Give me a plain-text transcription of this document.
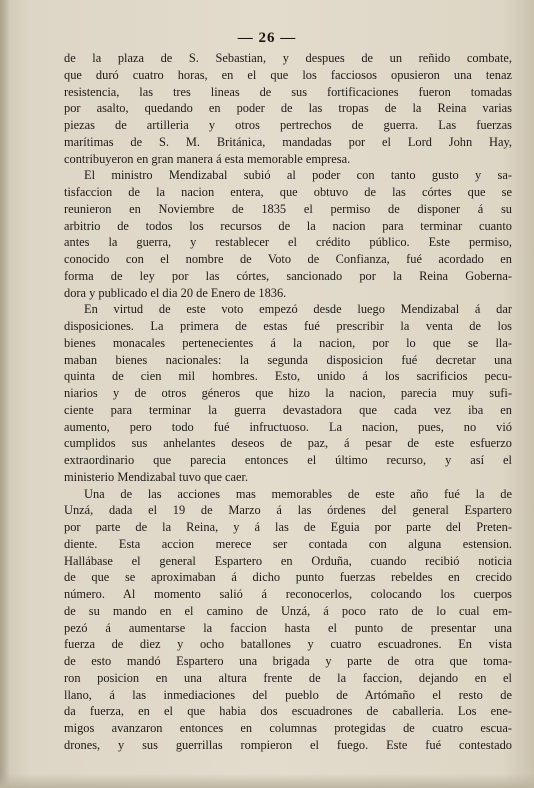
— 26 —
de la plaza de S. Sebastian, y despues de un reñido combate,
que duró cuatro horas, en el que los facciosos opusieron una tenaz
resistencia, las tres lineas de sus fortificaciones fueron tomadas
por asalto, quedando en poder de las tropas de la Reina varias
piezas de artilleria y otros pertrechos de guerra. Las fuerzas
marítimas de S. M. Británica, mandadas por el Lord John Hay,
contribuyeron en gran manera á esta memorable empresa.
El ministro Mendizabal subió al poder con tanto gusto y sa-
tisfaccion de la nacion entera, que obtuvo de las córtes que se
reunieron en Noviembre de 1835 el permiso de disponer á su
arbitrio de todos los recursos de la nacion para terminar cuanto
antes la guerra, y restablecer el crédito público. Este permiso,
conocido con el nombre de Voto de Confianza, fué acordado en
forma de ley por las córtes, sancionado por la Reina Goberna-
dora y publicado el dia 20 de Enero de 1836.
En virtud de este voto empezó desde luego Mendizabal á dar
disposiciones. La primera de estas fué prescribir la venta de los
bienes monacales pertenecientes á la nacion, por lo que se lla-
maban bienes nacionales: la segunda disposicion fué decretar una
quinta de cien mil hombres. Esto, unido á los sacrificios pecu-
niarios y de otros géneros que hizo la nacion, parecia muy sufi-
ciente para terminar la guerra devastadora que cada vez iba en
aumento, pero todo fué infructuoso. La nacion, pues, no vió
cumplidos sus anhelantes deseos de paz, á pesar de este esfuerzo
extraordinario que parecia entonces el último recurso, y así el
ministerio Mendizabal tuvo que caer.
Una de las acciones mas memorables de este año fué la de
Unzá, dada el 19 de Marzo á las órdenes del general Espartero
por parte de la Reina, y á las de Eguia por parte del Preten-
diente. Esta accion merece ser contada con alguna estension.
Hallábase el general Espartero en Orduña, cuando recibió noticia
de que se aproximaban á dicho punto fuerzas rebeldes en crecido
número. Al momento salió á reconocerlos, colocando los cuerpos
de su mando en el camino de Unzá, á poco rato de lo cual em-
pezó á aumentarse la faccion hasta el punto de presentar una
fuerza de diez y ocho batallones y cuatro escuadrones. En vista
de esto mandó Espartero una brigada y parte de otra que toma-
ron posicion en una altura frente de la faccion, dejando en el
llano, á las inmediaciones del pueblo de Artómaño el resto de
da fuerza, en el que habia dos escuadrones de caballeria. Los ene-
migos avanzaron entonces en columnas protegidas de cuatro escua-
drones, y sus guerrillas rompieron el fuego. Este fué contestado
